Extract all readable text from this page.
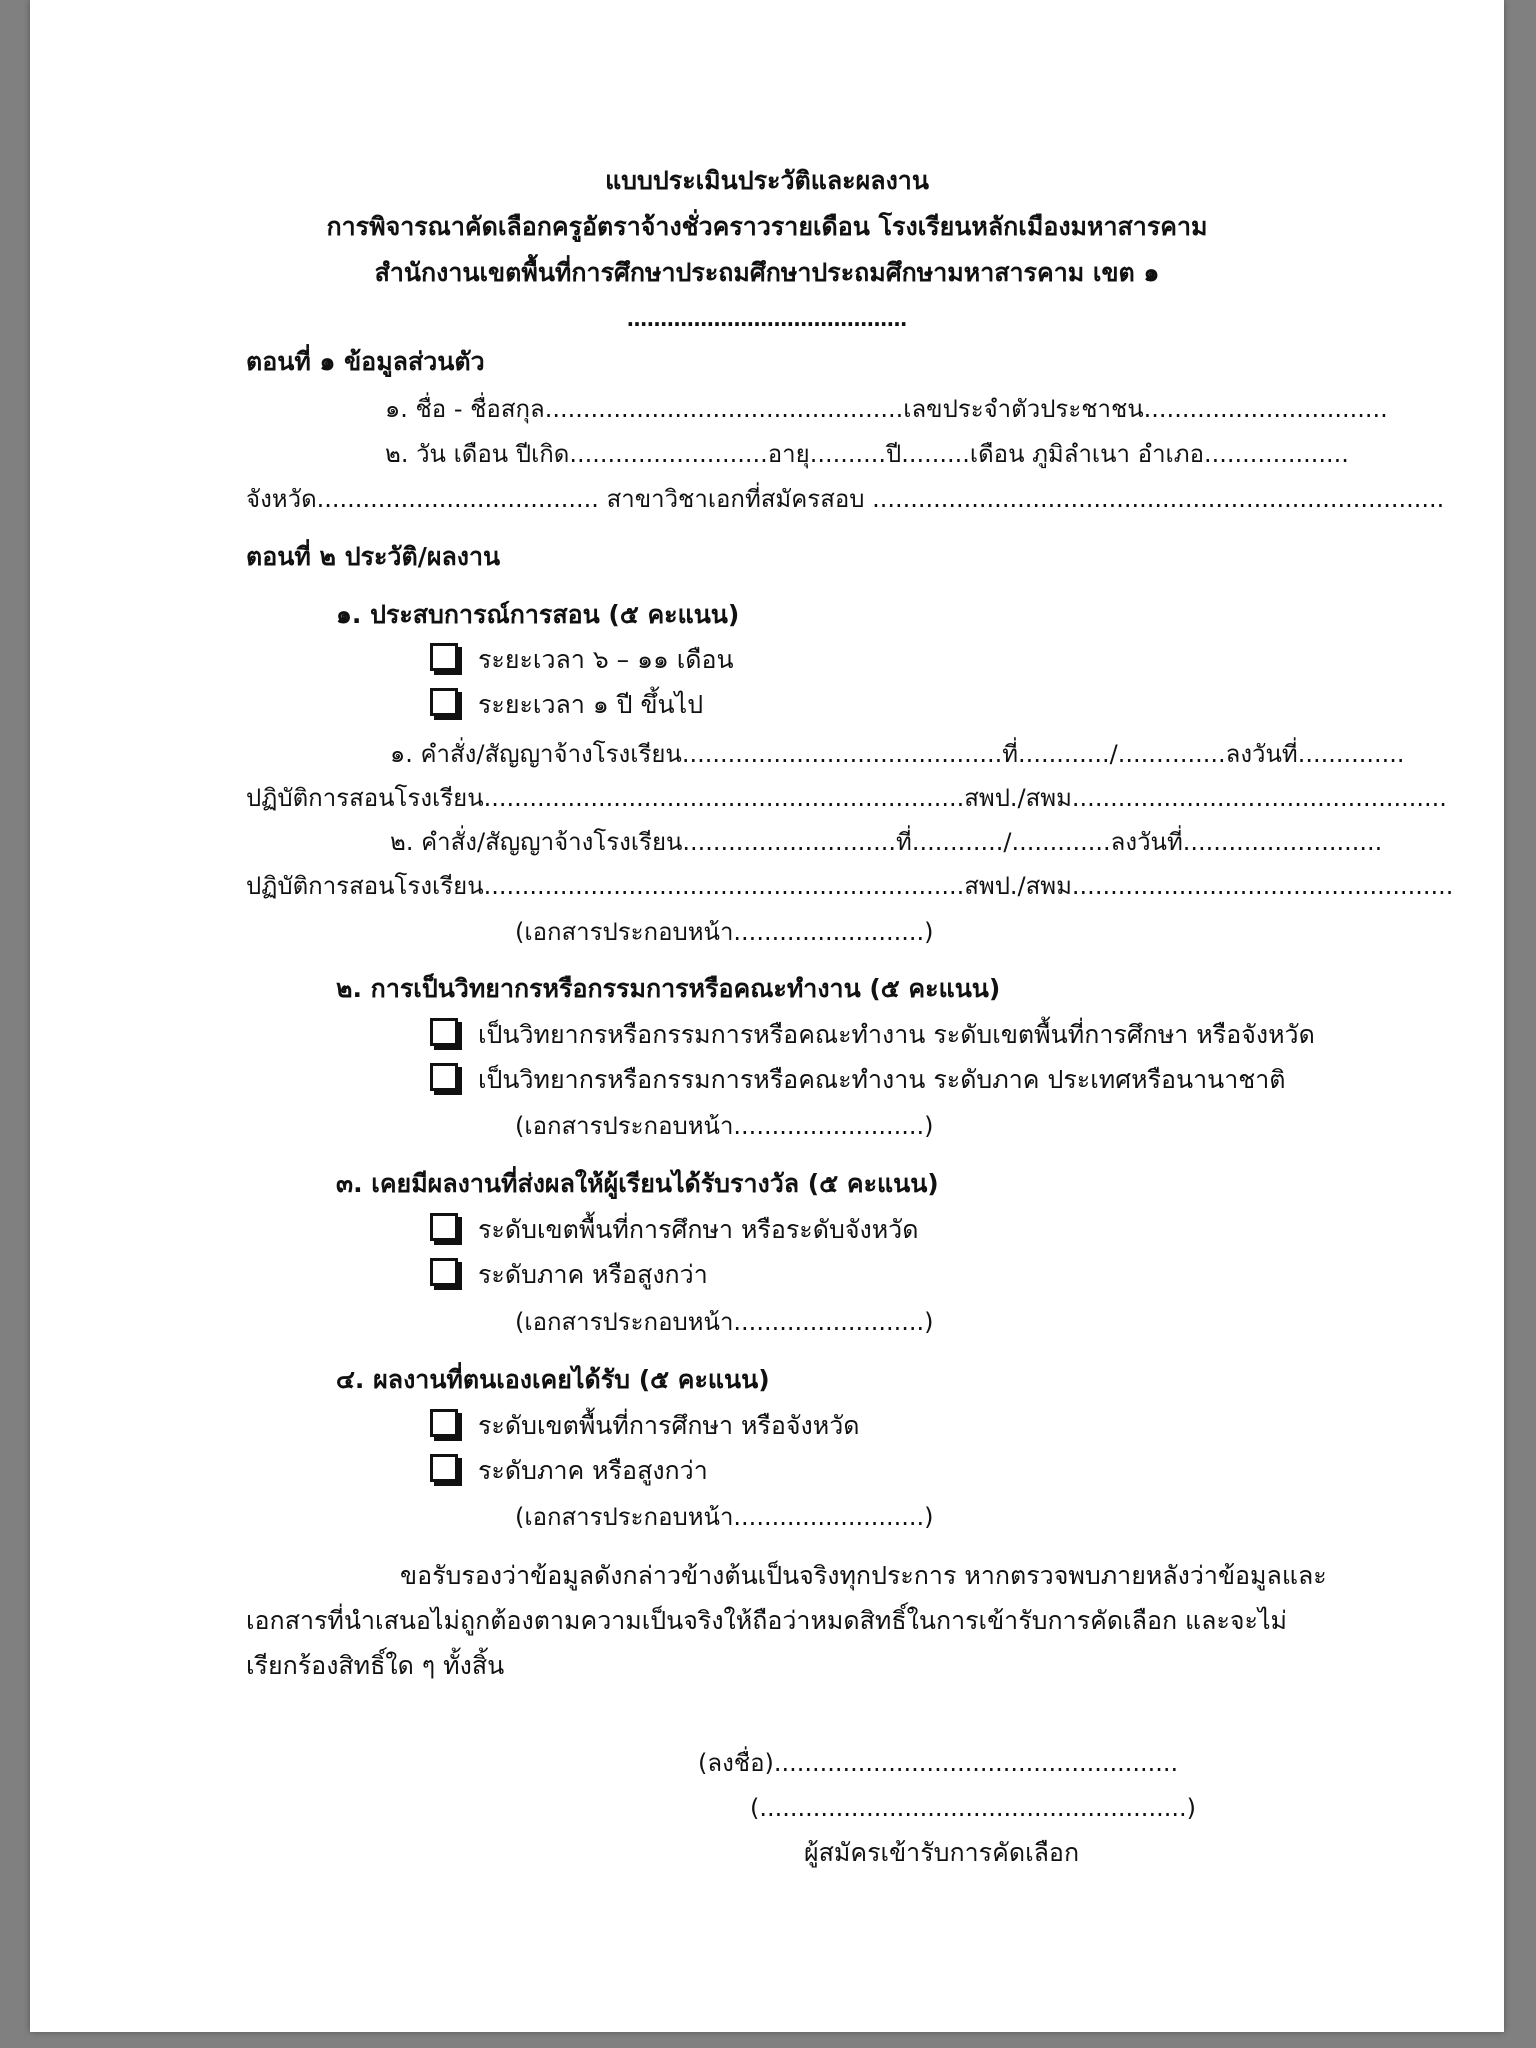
แบบประเมินประวัติและผลงาน
การพิจารณาคัดเลือกครูอัตราจ้างชั่วคราวรายเดือน โรงเรียนหลักเมืองมหาสารคาม
สำนักงานเขตพื้นที่การศึกษาประถมศึกษาประถมศึกษามหาสารคาม เขต ๑
……………………………………
ตอนที่ ๑ ข้อมูลส่วนตัว
๑. ชื่อ - ชื่อสกุล...............................................เลขประจำตัวประชาชน................................
๒. วัน เดือน ปีเกิด..........................อายุ..........ปี.........เดือน ภูมิลำเนา อำเภอ...................
จังหวัด..................................... สาขาวิชาเอกที่สมัครสอบ ...........................................................................
ตอนที่ ๒ ประวัติ/ผลงาน
๑. ประสบการณ์การสอน (๕ คะแนน)
ระยะเวลา ๖ – ๑๑ เดือน
ระยะเวลา ๑ ปี ขึ้นไป
๑. คำสั่ง/สัญญาจ้างโรงเรียน..........................................ที่............/.....…......ลงวันที่..............
ปฏิบัติการสอนโรงเรียน...............................................................สพป./สพม.......................….......................
๒. คำสั่ง/สัญญาจ้างโรงเรียน............................ที่............/.............ลงวันที่...............…........
ปฏิบัติการสอนโรงเรียน...............................................................สพป./สพม..................................................
(เอกสารประกอบหน้า.........................)
๒. การเป็นวิทยากรหรือกรรมการหรือคณะทำงาน (๕ คะแนน)
เป็นวิทยากรหรือกรรมการหรือคณะทำงาน ระดับเขตพื้นที่การศึกษา หรือจังหวัด
เป็นวิทยากรหรือกรรมการหรือคณะทำงาน ระดับภาค ประเทศหรือนานาชาติ
(เอกสารประกอบหน้า.........................)
๓. เคยมีผลงานที่ส่งผลให้ผู้เรียนได้รับรางวัล (๕ คะแนน)
ระดับเขตพื้นที่การศึกษา หรือระดับจังหวัด
ระดับภาค หรือสูงกว่า
(เอกสารประกอบหน้า.........................)
๔. ผลงานที่ตนเองเคยได้รับ (๕ คะแนน)
ระดับเขตพื้นที่การศึกษา หรือจังหวัด
ระดับภาค หรือสูงกว่า
(เอกสารประกอบหน้า.........................)
ขอรับรองว่าข้อมูลดังกล่าวข้างต้นเป็นจริงทุกประการ หากตรวจพบภายหลังว่าข้อมูลและ
เอกสารที่นำเสนอไม่ถูกต้องตามความเป็นจริงให้ถือว่าหมดสิทธิ์ในการเข้ารับการคัดเลือก และจะไม่
เรียกร้องสิทธิ์ใด ๆ ทั้งสิ้น
(ลงชื่อ).....................................................
(........................................................)
ผู้สมัครเข้ารับการคัดเลือก
